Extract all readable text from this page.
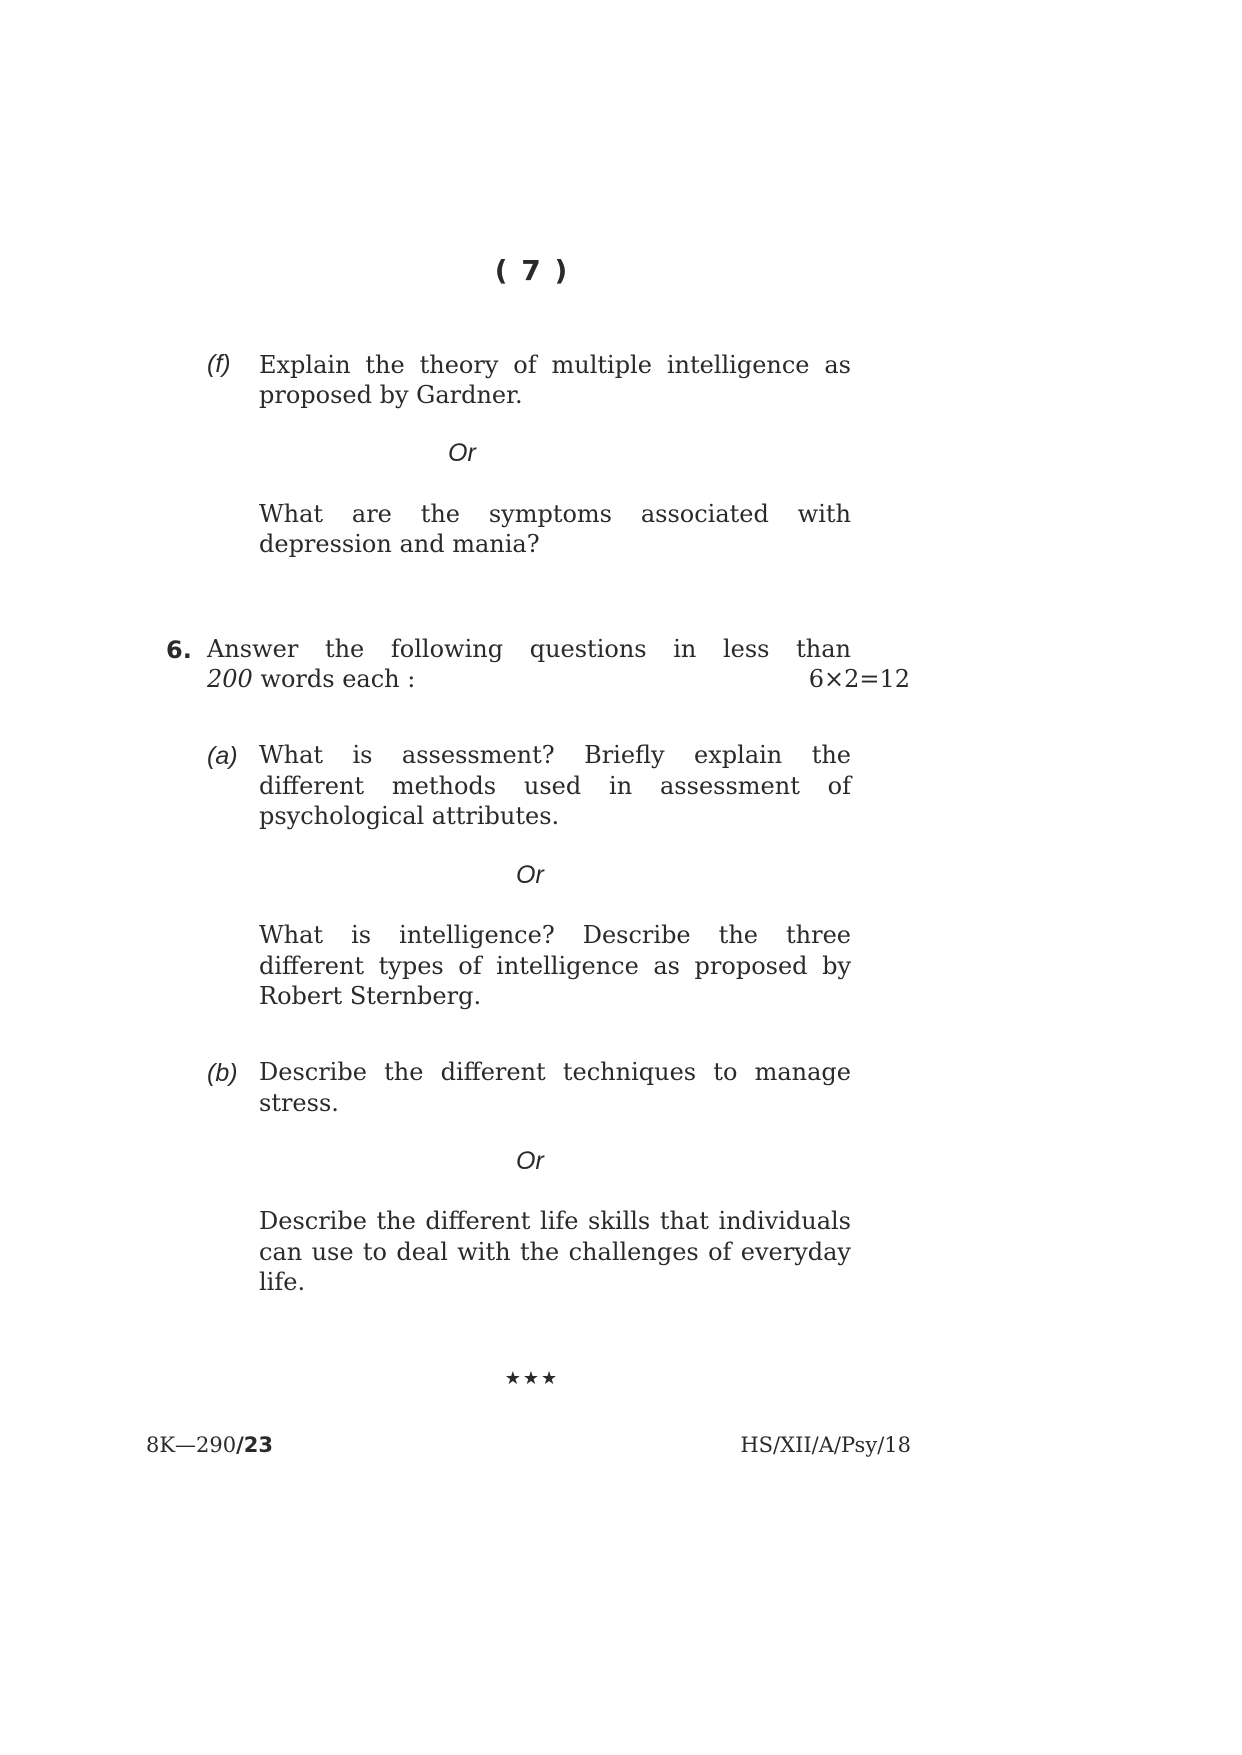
( 7 )
(f) Explain the theory of multiple intelligence as
proposed by Gardner.
Or
What are the symptoms associated with
depression and mania?
6. Answer the following questions in less than
200 words each :	6×2=12
(a) What is assessment? Briefly explain the different methods used in assessment of psychological attributes.
Or
What is intelligence? Describe the three different types of intelligence as proposed by Robert Sternberg.
(b) Describe the different techniques to manage stress.
Or
Describe the different life skills that individuals can use to deal with the challenges of everyday life.
★★★
8K—290/23	HS/XII/A/Psy/18
